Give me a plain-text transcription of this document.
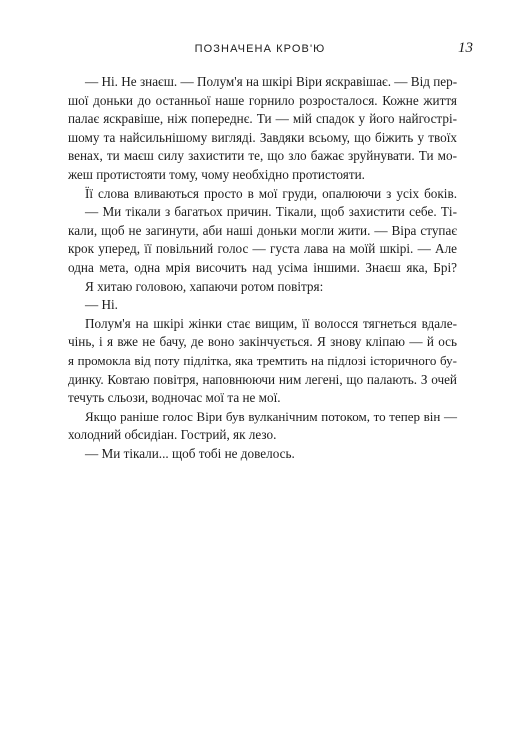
ПОЗНАЧЕНА КРОВ'Ю	13
— Ні. Не знаєш. — Полум'я на шкірі Віри яскравішає. — Від пер-
шої доньки до останньої наше горнило розросталося. Кожне життя
палає яскравіше, ніж попереднє. Ти — мій спадок у його найгострі-
шому та найсильнішому вигляді. Завдяки всьому, що біжить у твоїх
венах, ти маєш силу захистити те, що зло бажає зруйнувати. Ти мо-
жеш протистояти тому, чому необхідно протистояти.
Її слова вливаються просто в мої груди, опалюючи з усіх боків.
— Ми тікали з багатьох причин. Тікали, щоб захистити себе. Ті-
кали, щоб не загинути, аби наші доньки могли жити. — Віра ступає
крок уперед, її повільний голос — густа лава на моїй шкірі. — Але
одна мета, одна мрія височить над усіма іншими. Знаєш яка, Брі?
Я хитаю головою, хапаючи ротом повітря:
— Ні.
Полум'я на шкірі жінки стає вищим, її волосся тягнеться вдале-
чінь, і я вже не бачу, де воно закінчується. Я знову кліпаю — й ось
я промокла від поту підлітка, яка тремтить на підлозі історичного бу-
динку. Ковтаю повітря, наповнюючи ним легені, що палають. З очей
течуть сльози, водночас мої та не мої.
Якщо раніше голос Віри був вулканічним потоком, то тепер він —
холодний обсидіан. Гострий, як лезо.
— Ми тікали... щоб тобі не довелось.
